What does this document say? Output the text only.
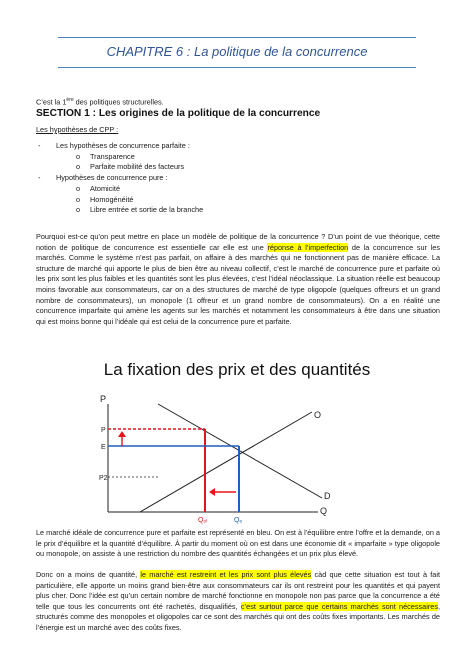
CHAPITRE 6 : La politique de la concurrence
C’est la 1ère des politiques structurelles.
SECTION 1 : Les origines de la politique de la concurrence
Les hypothèses de CPP :
- Les hypothèses de concurrence parfaite :
o Transparence
o Parfaite mobilité des facteurs
- Hypothèses de concurrence pure :
o Atomicité
o Homogénéité
o Libre entrée et sortie de la branche
Pourquoi est-ce qu’on peut mettre en place un modèle de politique de la concurrence ? D’un point de vue théorique, cette notion de politique de concurrence est essentielle car elle est une réponse à l’imperfection de la concurrence sur les marchés. Comme le système n’est pas parfait, on affaire à des marchés qui ne fonctionnent pas de manière efficace. La structure de marché qui apporte le plus de bien être au niveau collectif, c’est le marché de concurrence pure et parfaite où les prix sont les plus faibles et les quantités sont les plus élevées, c’est l’idéal néoclassique. La situation réelle est beaucoup moins favorable aux consommateurs, car on a des structures de marché de type oligopole (quelques offreurs et un grand nombre de consommateurs), un monopole (1 offreur et un grand nombre de consommateurs). On a en réalité une concurrence imparfaite qui amène les agents sur les marchés et notamment les consommateurs à être dans une situation qui est moins bonne qui l’idéale qui est celui de la concurrence pure et parfaite.
La fixation des prix et des quantités
P
Q
O
D
P
E
P2
Qₒₗ	Qₑ
Le marché idéale de concurrence pure et parfaite est représenté en bleu. On est à l’équilibre entre l’offre et la demande, on a le prix d’équilibre et la quantité d’équilibre. À partir du moment où on est dans une économie dit « imparfaite » type oligopole ou monopole, on assiste à une restriction du nombre des quantités échangées et un prix plus élevé.
Donc on a moins de quantité, le marché est restreint et les prix sont plus élevés càd que cette situation est tout à fait particulière, elle apporte un moins grand bien-être aux consommateurs car ils ont restreint pour les quantités et qui payent plus cher. Donc l’idée est qu’un certain nombre de marché fonctionne en monopole non pas parce que la concurrence a été telle que tous les concurrents ont été rachetés, disqualifiés, c’est surtout parce que certains marchés sont nécessaires, structurés comme des monopoles et oligopoles car ce sont des marchés qui ont des coûts fixes importants. Les marchés de l’énergie est un marché avec des coûts fixes.
